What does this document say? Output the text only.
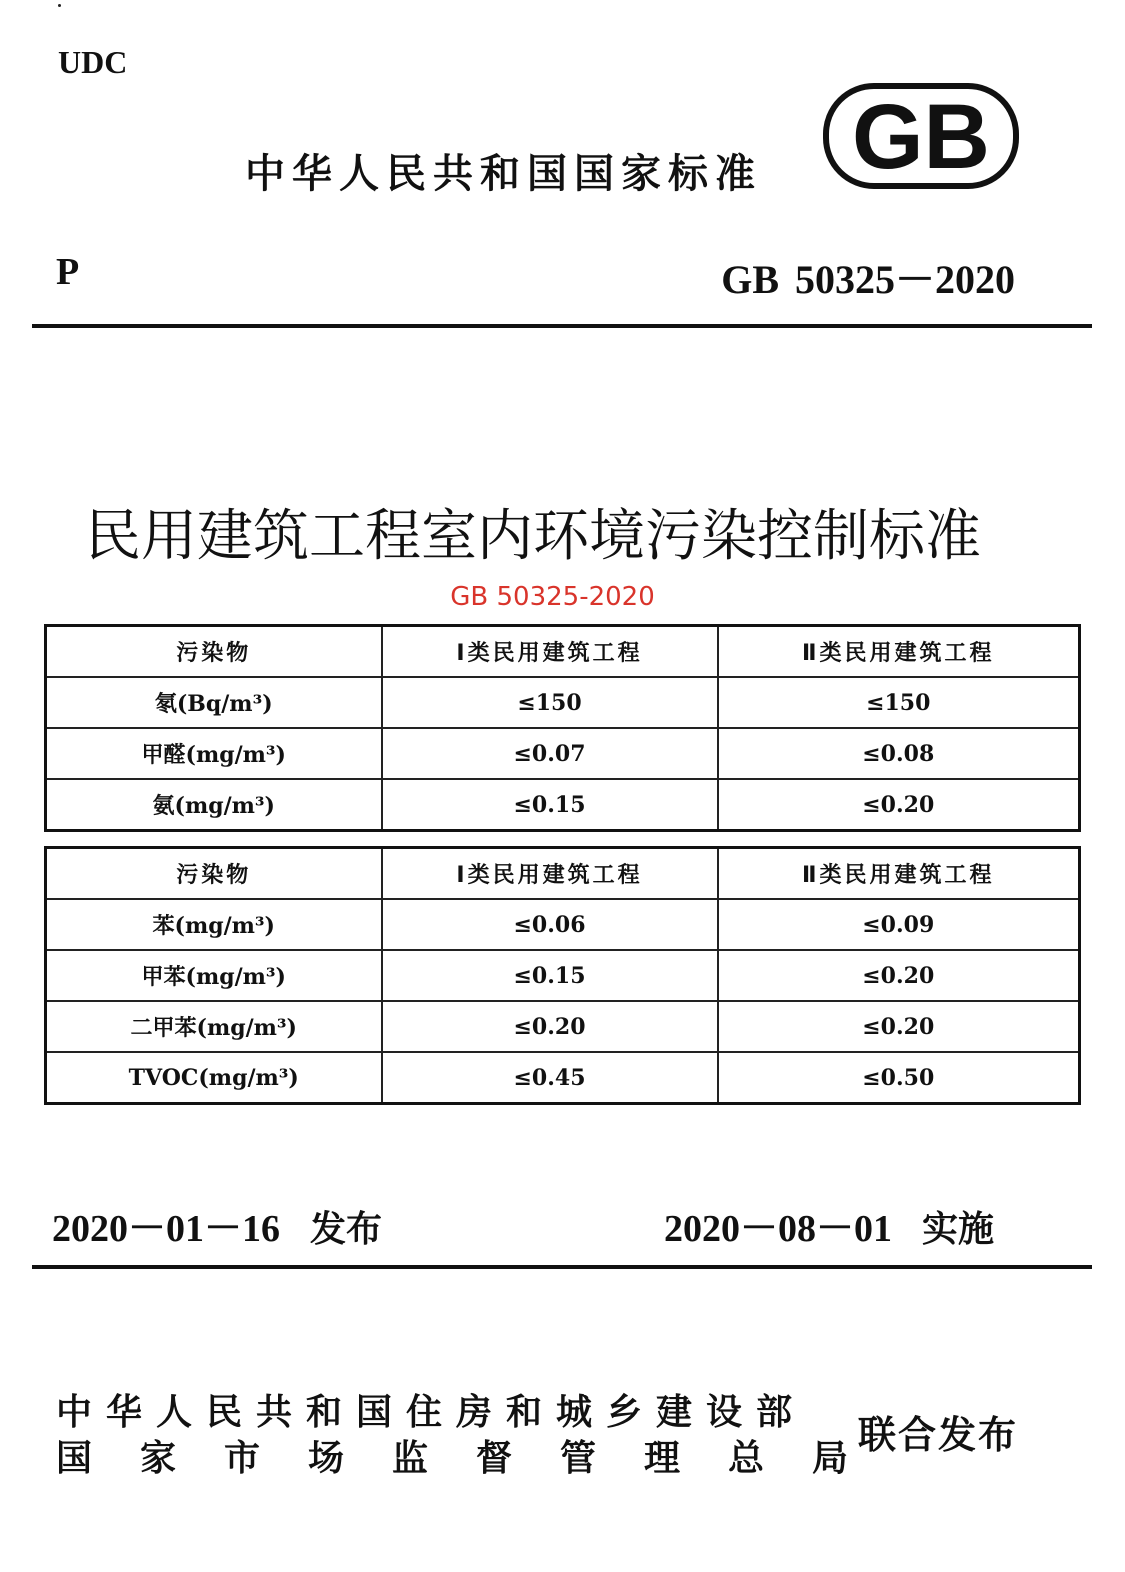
UDC
中华人民共和国国家标准 GB
P	GB 50325－2020
民用建筑工程室内环境污染控制标准
GB 50325-2020
污染物	Ⅰ类民用建筑工程	Ⅱ类民用建筑工程
氡(Bq/m³)	≤150	≤150
甲醛(mg/m³)	≤0.07	≤0.08
氨(mg/m³)	≤0.15	≤0.20
污染物	Ⅰ类民用建筑工程	Ⅱ类民用建筑工程
苯(mg/m³)	≤0.06	≤0.09
甲苯(mg/m³)	≤0.15	≤0.20
二甲苯(mg/m³)	≤0.20	≤0.20
TVOC(mg/m³)	≤0.45	≤0.50
2020－01－16 发布	2020－08－01 实施
中华人民共和国住房和城乡建设部
国家市场监督管理总局
联合发布
